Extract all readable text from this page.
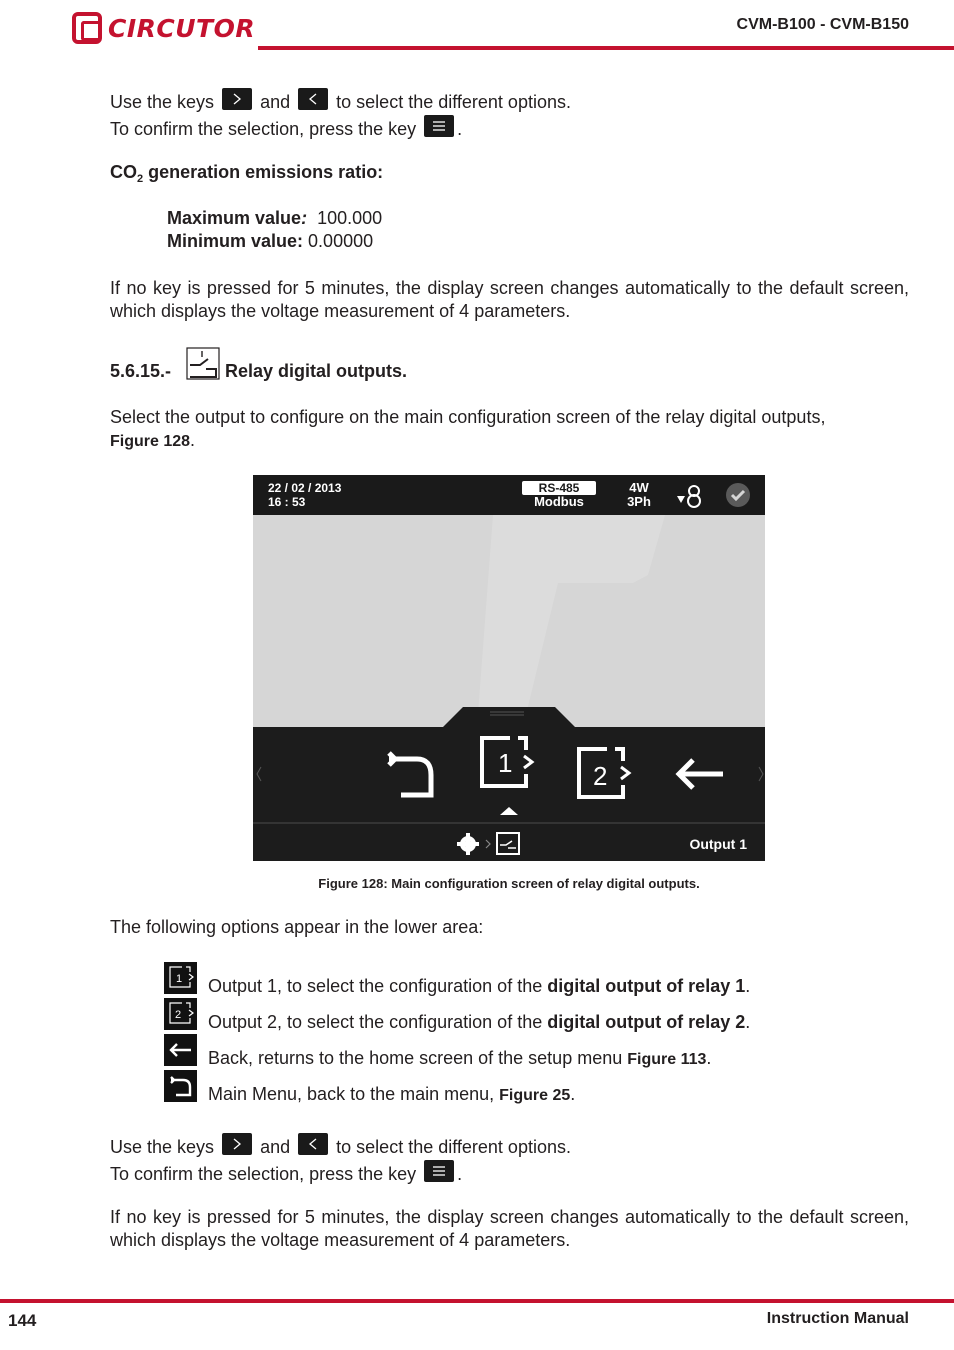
CIRCUTOR	CVM-B100 - CVM-B150
Use the keys	and	to select the different options.
To confirm the selection, press the key .
$CO_2$ generation emissions ratio:
Maximum value: 100.000
Minimum value: 0.00000
If no key is pressed for 5 minutes, the display screen changes automatically to the default screen, which displays the voltage measurement of 4 parameters.
5.6.15.-	Relay digital outputs.
Select the output to configure on the main configuration screen of the relay digital outputs,
Figure 128.
22 / 02 / 2013
16 : 53
RS-485
Modbus
4W
3Ph
1	2
Output 1
Figure 128: Main configuration screen of relay digital outputs.
The following options appear in the lower area:
1 Output 1, to select the configuration of the digital output of relay 1.
2 Output 2, to select the configuration of the digital output of relay 2.
Back, returns to the home screen of the setup menu Figure 113.
Main Menu, back to the main menu, Figure 25.
Use the keys	and	to select the different options.
To confirm the selection, press the key .
If no key is pressed for 5 minutes, the display screen changes automatically to the default screen, which displays the voltage measurement of 4 parameters.
144	Instruction Manual
